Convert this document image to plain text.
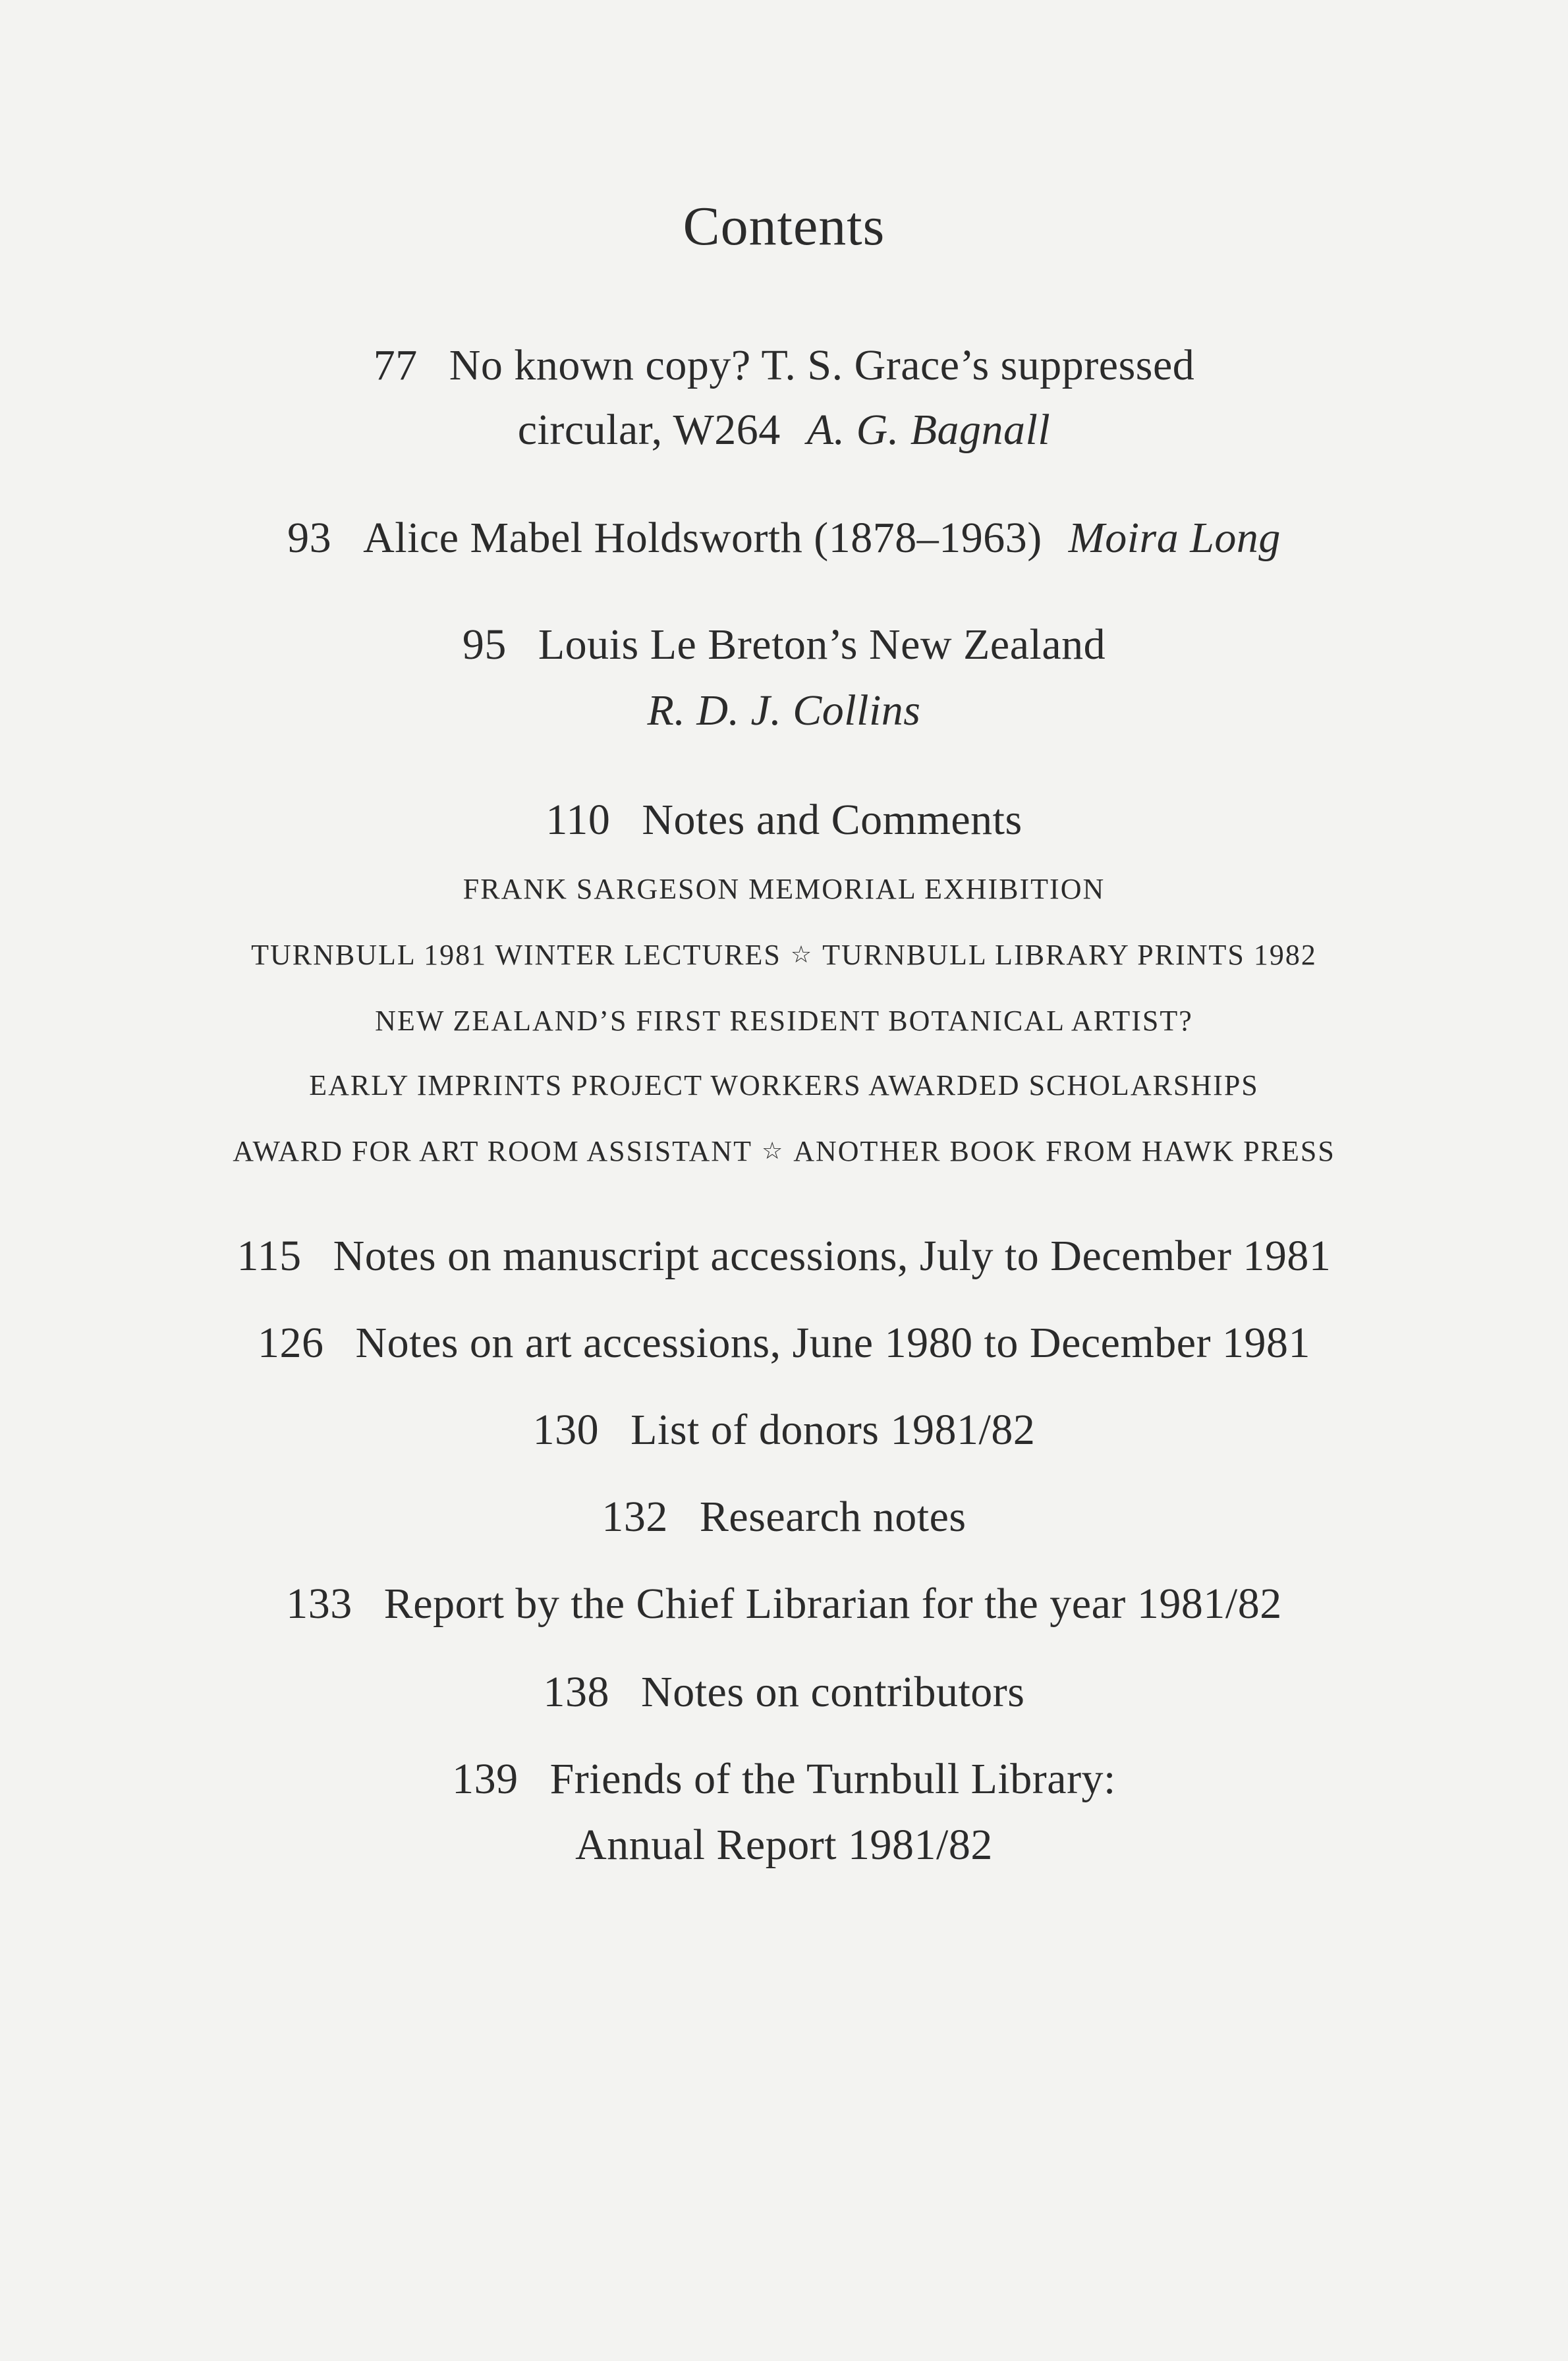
Contents
77 No known copy? T. S. Grace’s suppressed
circular, W264 A. G. Bagnall
93 Alice Mabel Holdsworth (1878–1963) Moira Long
95 Louis Le Breton’s New Zealand
R. D. J. Collins
110 Notes and Comments
FRANK SARGESON MEMORIAL EXHIBITION
TURNBULL 1981 WINTER LECTURES ☆ TURNBULL LIBRARY PRINTS 1982
NEW ZEALAND’S FIRST RESIDENT BOTANICAL ARTIST?
EARLY IMPRINTS PROJECT WORKERS AWARDED SCHOLARSHIPS
AWARD FOR ART ROOM ASSISTANT ☆ ANOTHER BOOK FROM HAWK PRESS
115 Notes on manuscript accessions, July to December 1981
126 Notes on art accessions, June 1980 to December 1981
130 List of donors 1981/82
132 Research notes
133 Report by the Chief Librarian for the year 1981/82
138 Notes on contributors
139 Friends of the Turnbull Library:
Annual Report 1981/82
